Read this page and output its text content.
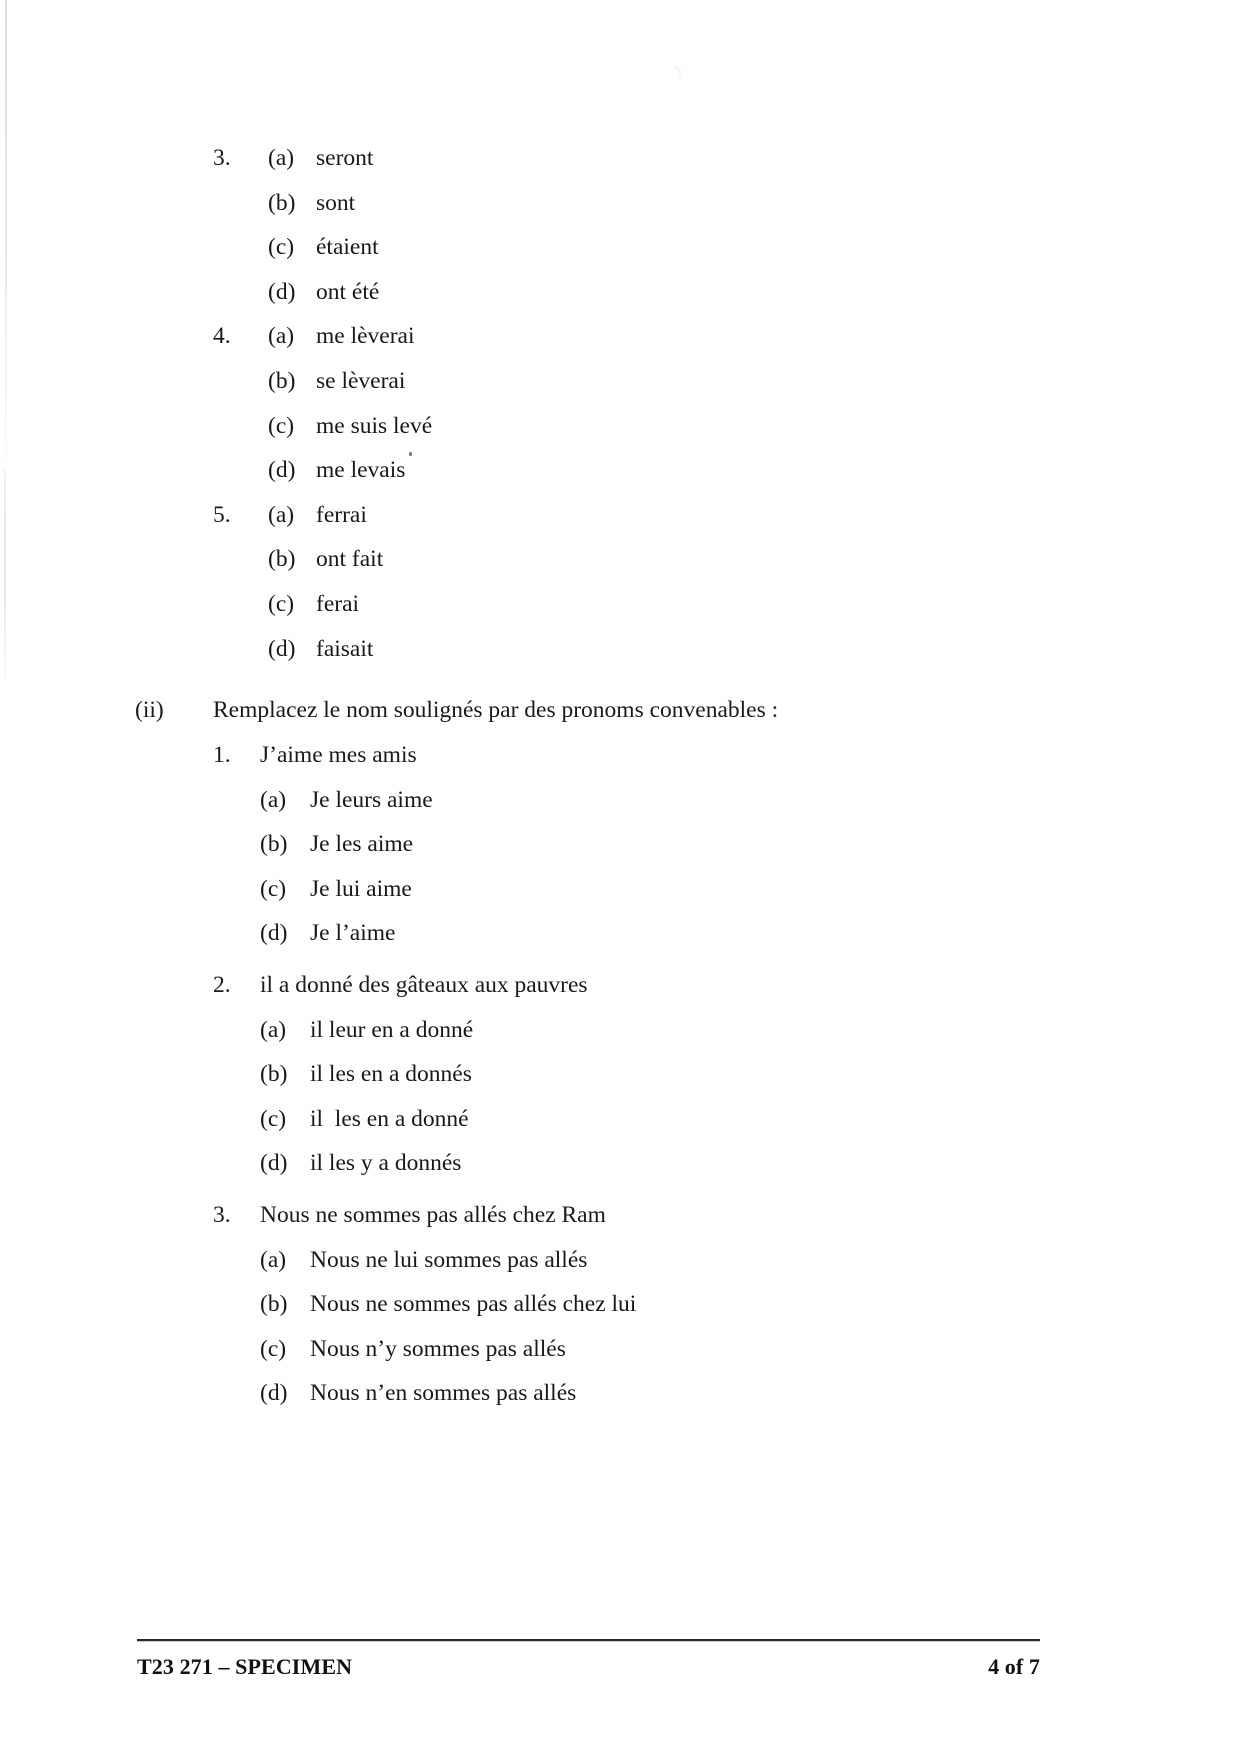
Y
3.	(a) seront
(b) sont
(c) étaient
(d) ont été
4.	(a) me lèverai
(b) se lèverai
(c) me suis levé
(d) me levais
5.	(a) ferrai
(b) ont fait
(c) ferai
(d) faisait
(ii)	Remplacez le nom soulignés par des pronoms convenables :
1.	J’aime mes amis
(a)	Je leurs aime
(b) Je les aime
(c)	Je lui aime
(d) Je l’aime
2.	il a donné des gâteaux aux pauvres
(a)	il leur en a donné
(b) il les en a donnés
(c)	il  les en a donné
(d) il les y a donnés
3.	Nous ne sommes pas allés chez Ram
(a)	Nous ne lui sommes pas allés
(b) Nous ne sommes pas allés chez lui
(c)	Nous n’y sommes pas allés
(d) Nous n’en sommes pas allés
T23 271 – SPECIMEN	4 of 7
